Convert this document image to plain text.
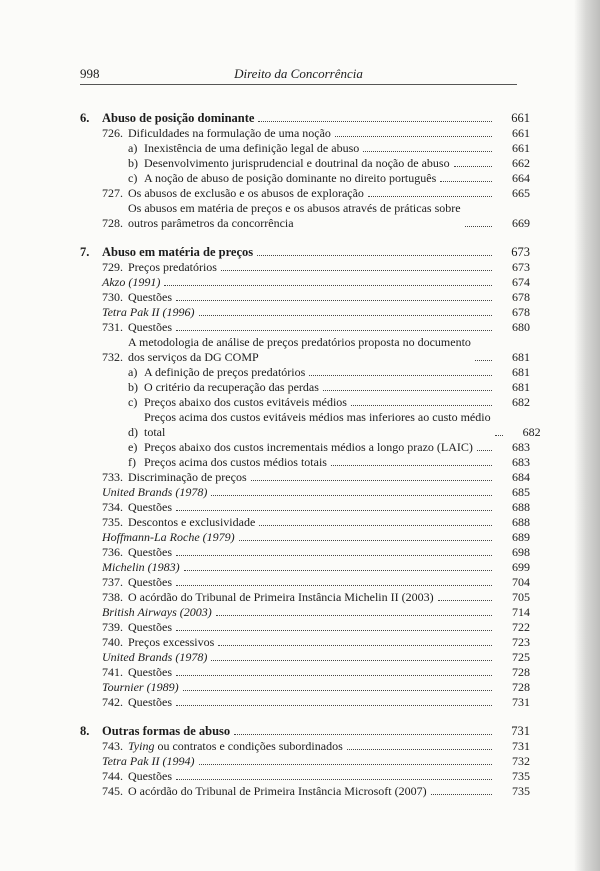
998	Direito da Concorrência
6.	Abuso de posição dominante	661
726. Dificuldades na formulação de uma noção	661
a) Inexistência de uma definição legal de abuso	661
b) Desenvolvimento jurisprudencial e doutrinal da noção de abuso	662
c) A noção de abuso de posição dominante no direito português	664
727. Os abusos de exclusão e os abusos de exploração	665
728.
Os abusos em matéria de preços e os abusos através de práticas sobre
outros parâmetros da concorrência	669
7.	Abuso em matéria de preços	673
729. Preços predatórios	673
Akzo (1991)	674
730. Questões	678
Tetra Pak II (1996)	678
731. Questões	680
732.
A metodologia de análise de preços predatórios proposta no documento
dos serviços da DG COMP	681
a) A definição de preços predatórios	681
b) O critério da recuperação das perdas	681
c) Preços abaixo dos custos evitáveis médios	682
d)
Preços acima dos custos evitáveis médios mas inferiores ao custo médio
total	682
e) Preços abaixo dos custos incrementais médios a longo prazo (LAIC)	683
f) Preços acima dos custos médios totais	683
733. Discriminação de preços	684
United Brands (1978)	685
734. Questões	688
735. Descontos e exclusividade	688
Hoffmann-La Roche (1979)	689
736. Questões	698
Michelin (1983)	699
737. Questões	704
738. O acórdão do Tribunal de Primeira Instância Michelin II (2003)	705
British Airways (2003)	714
739. Questões	722
740. Preços excessivos	723
United Brands (1978)	725
741. Questões	728
Tournier (1989)	728
742. Questões	731
8.	Outras formas de abuso	731
743. Tying ou contratos e condições subordinados	731
Tetra Pak II (1994)	732
744. Questões	735
745. O acórdão do Tribunal de Primeira Instância Microsoft (2007)	735
